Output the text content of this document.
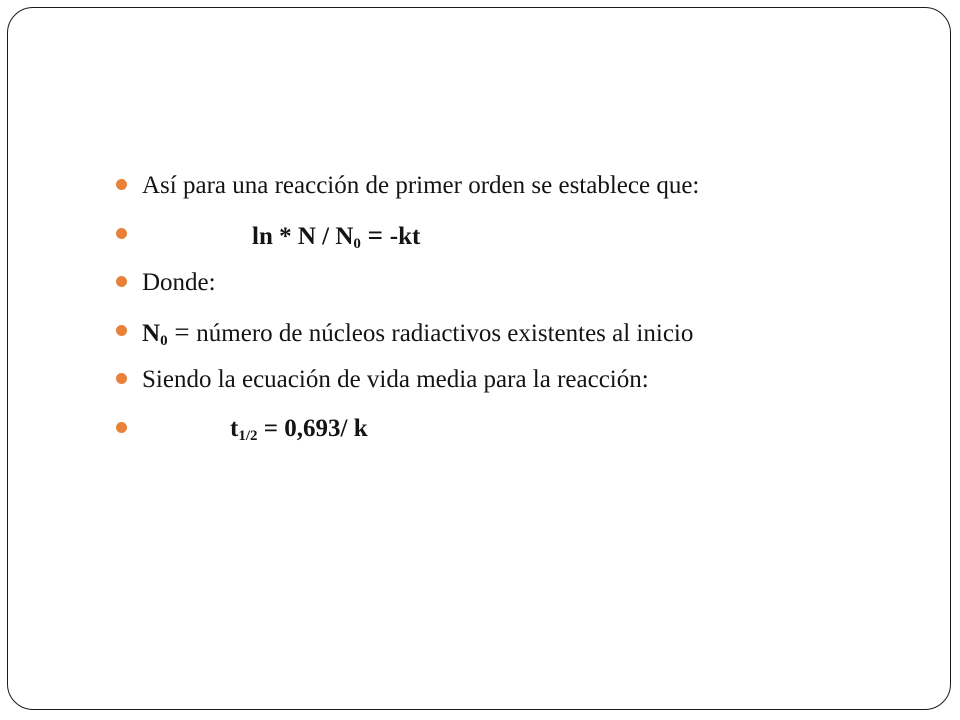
Así para una reacción de primer orden se establece que:
$\ln * N / N_0 = -kt$
Donde:
$N_0$ = número de núcleos radiactivos existentes al inicio
Siendo la ecuación de vida media para la reacción:
$t_{1/2} = 0,693/$ k
